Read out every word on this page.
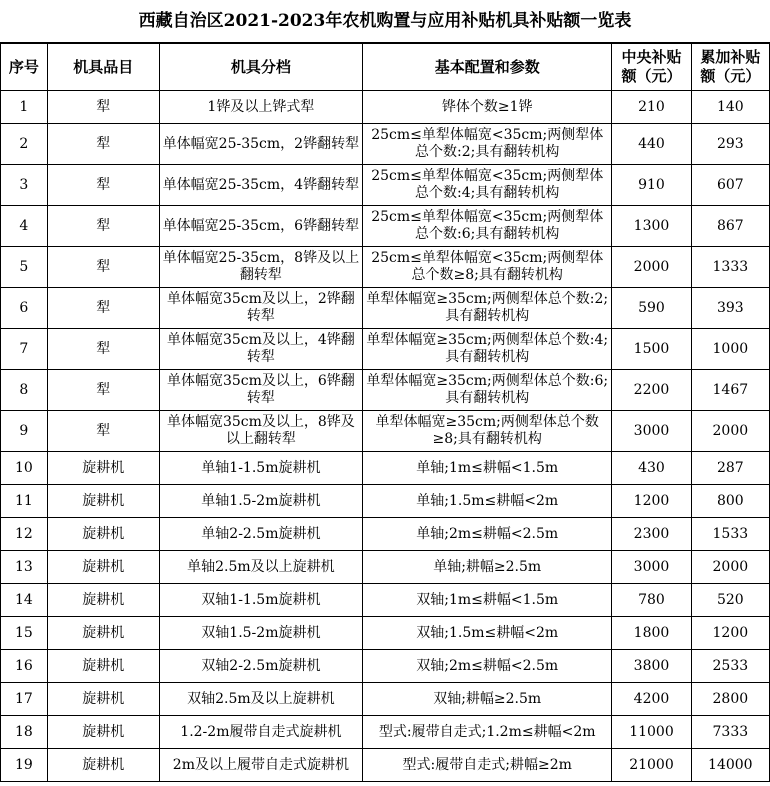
西藏自治区2021-2023年农机购置与应用补贴机具补贴额一览表
序号	机具品目	机具分档	基本配置和参数	中央补贴额（元）	累加补贴额（元）
1	犁	1铧及以上铧式犁	铧体个数≥1铧	210	140
2	犁	单体幅宽25-35cm，2铧翻转犁	25cm≤单犁体幅宽<35cm;两侧犁体总个数:2;具有翻转机构	440	293
3	犁	单体幅宽25-35cm，4铧翻转犁	25cm≤单犁体幅宽<35cm;两侧犁体总个数:4;具有翻转机构	910	607
4	犁	单体幅宽25-35cm，6铧翻转犁	25cm≤单犁体幅宽<35cm;两侧犁体总个数:6;具有翻转机构	1300	867
5	犁	单体幅宽25-35cm，8铧及以上翻转犁	25cm≤单犁体幅宽<35cm;两侧犁体总个数≥8;具有翻转机构	2000	1333
6	犁	单体幅宽35cm及以上，2铧翻转犁	单犁体幅宽≥35cm;两侧犁体总个数:2;具有翻转机构	590	393
7	犁	单体幅宽35cm及以上，4铧翻转犁	单犁体幅宽≥35cm;两侧犁体总个数:4;具有翻转机构	1500	1000
8	犁	单体幅宽35cm及以上，6铧翻转犁	单犁体幅宽≥35cm;两侧犁体总个数:6;具有翻转机构	2200	1467
9	犁	单体幅宽35cm及以上，8铧及以上翻转犁	单犁体幅宽≥35cm;两侧犁体总个数≥8;具有翻转机构	3000	2000
10	旋耕机	单轴1-1.5m旋耕机	单轴;1m≤耕幅<1.5m	430	287
11	旋耕机	单轴1.5-2m旋耕机	单轴;1.5m≤耕幅<2m	1200	800
12	旋耕机	单轴2-2.5m旋耕机	单轴;2m≤耕幅<2.5m	2300	1533
13	旋耕机	单轴2.5m及以上旋耕机	单轴;耕幅≥2.5m	3000	2000
14	旋耕机	双轴1-1.5m旋耕机	双轴;1m≤耕幅<1.5m	780	520
15	旋耕机	双轴1.5-2m旋耕机	双轴;1.5m≤耕幅<2m	1800	1200
16	旋耕机	双轴2-2.5m旋耕机	双轴;2m≤耕幅<2.5m	3800	2533
17	旋耕机	双轴2.5m及以上旋耕机	双轴;耕幅≥2.5m	4200	2800
18	旋耕机	1.2-2m履带自走式旋耕机	型式:履带自走式;1.2m≤耕幅<2m	11000	7333
19	旋耕机	2m及以上履带自走式旋耕机	型式:履带自走式;耕幅≥2m	21000	14000
